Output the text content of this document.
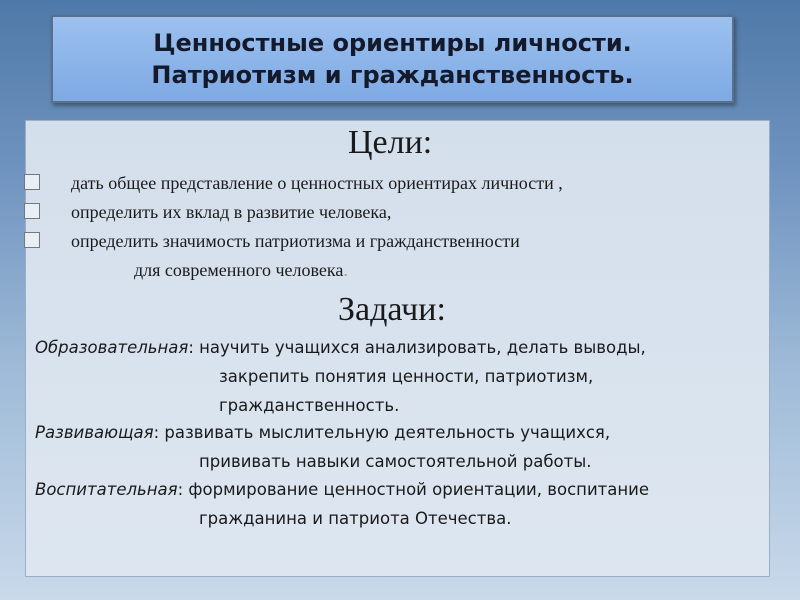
Ценностные ориентиры личности.
Патриотизм и гражданственность.
Цели:
дать общее представление о ценностных ориентирах личности ,
определить их вклад в развитие человека,
определить значимость патриотизма и гражданственности
для современного человека.
Задачи:
Образовательная: научить учащихся анализировать, делать выводы,
закрепить понятия ценности, патриотизм,
гражданственность.
Развивающая: развивать мыслительную деятельность учащихся,
прививать навыки самостоятельной работы.
Воспитательная: формирование ценностной ориентации, воспитание
гражданина и патриота Отечества.
